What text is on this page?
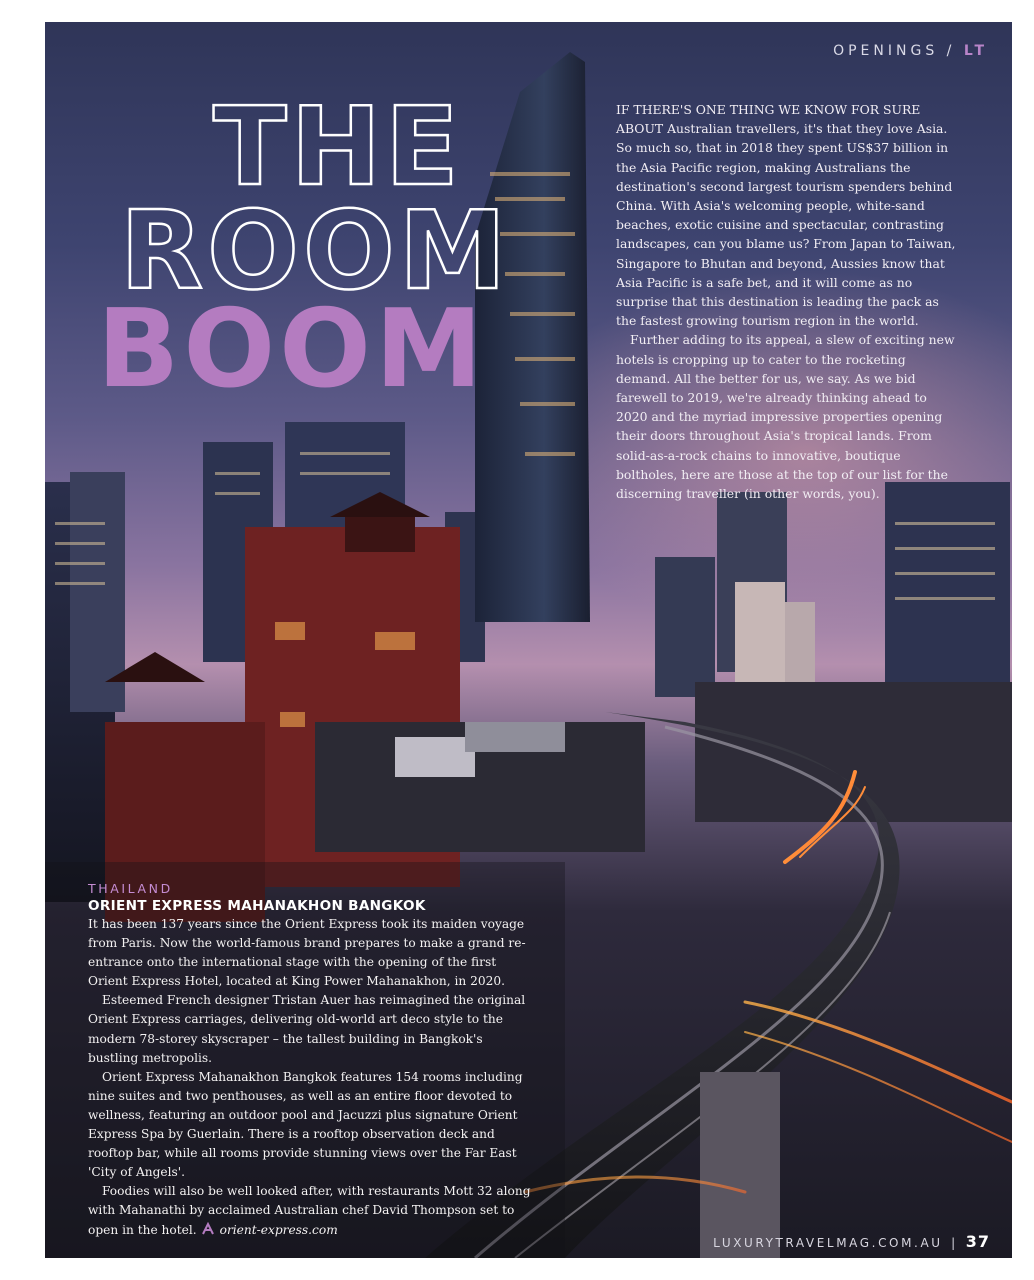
OPENINGS / LT

THE
ROOM
BOOM

IF THERE'S ONE THING WE KNOW FOR SURE ABOUT Australian travellers, it's that they love Asia. So much so, that in 2018 they spent US$37 billion in the Asia Pacific region, making Australians the destination's second largest tourism spenders behind China. With Asia's welcoming people, white-sand beaches, exotic cuisine and spectacular, contrasting landscapes, can you blame us? From Japan to Taiwan, Singapore to Bhutan and beyond, Aussies know that Asia Pacific is a safe bet, and it will come as no surprise that this destination is leading the pack as the fastest growing tourism region in the world.

Further adding to its appeal, a slew of exciting new hotels is cropping up to cater to the rocketing demand. All the better for us, we say. As we bid farewell to 2019, we're already thinking ahead to 2020 and the myriad impressive properties opening their doors throughout Asia's tropical lands. From solid-as-a-rock chains to innovative, boutique boltholes, here are those at the top of our list for the discerning traveller (in other words, you).

THAILAND

ORIENT EXPRESS MAHANAKHON BANGKOK

It has been 137 years since the Orient Express took its maiden voyage from Paris. Now the world-famous brand prepares to make a grand re-entrance onto the international stage with the opening of the first Orient Express Hotel, located at King Power Mahanakhon, in 2020.

Esteemed French designer Tristan Auer has reimagined the original Orient Express carriages, delivering old-world art deco style to the modern 78-storey skyscraper – the tallest building in Bangkok's bustling metropolis.

Orient Express Mahanakhon Bangkok features 154 rooms including nine suites and two penthouses, as well as an entire floor devoted to wellness, featuring an outdoor pool and Jacuzzi plus signature Orient Express Spa by Guerlain. There is a rooftop observation deck and rooftop bar, while all rooms provide stunning views over the Far East 'City of Angels'.

Foodies will also be well looked after, with restaurants Mott 32 along with Mahanathi by acclaimed Australian chef David Thompson set to open in the hotel. orient-express.com

LUXURYTRAVELMAG.COM.AU | 37
